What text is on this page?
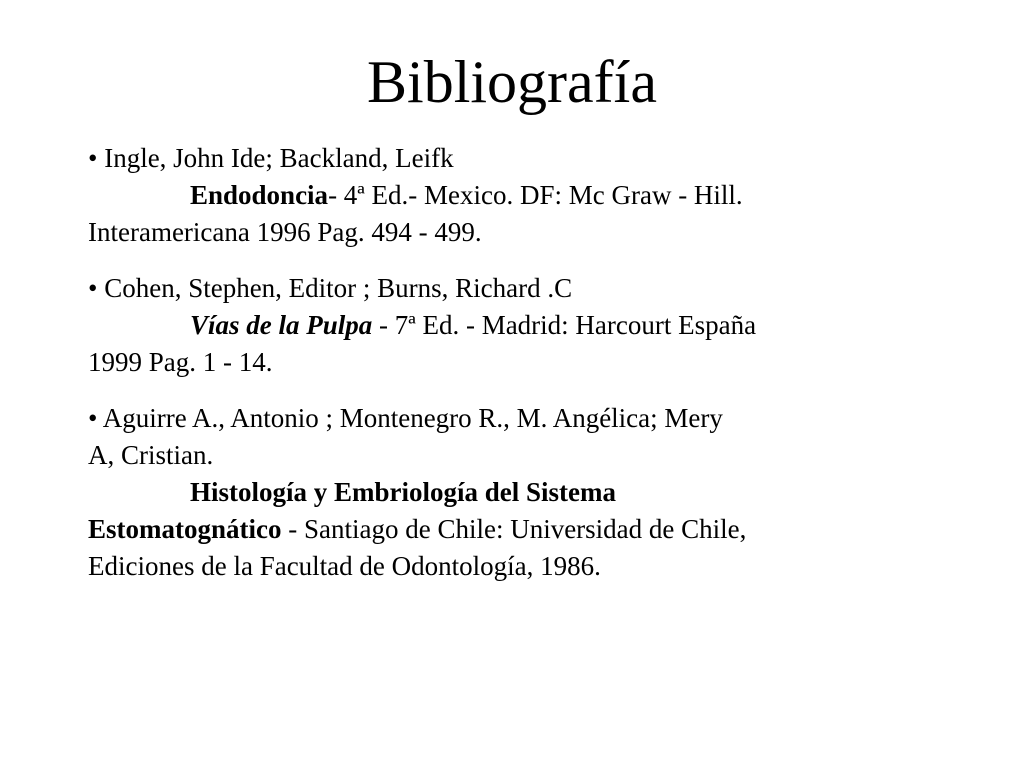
Bibliografía

• Ingle, John Ide; Backland, Leifk

Endodoncia- 4ª Ed.- Mexico. DF: Mc Graw - Hill.

Interamericana 1996 Pag. 494 - 499.

• Cohen, Stephen, Editor ; Burns, Richard .C

Vías de la Pulpa - 7ª Ed. - Madrid: Harcourt España

1999 Pag. 1 - 14.

• Aguirre A., Antonio ; Montenegro R., M. Angélica; Mery

A, Cristian.

Histología y Embriología del Sistema

Estomatognático - Santiago de Chile: Universidad de Chile,

Ediciones de la Facultad de Odontología, 1986.
